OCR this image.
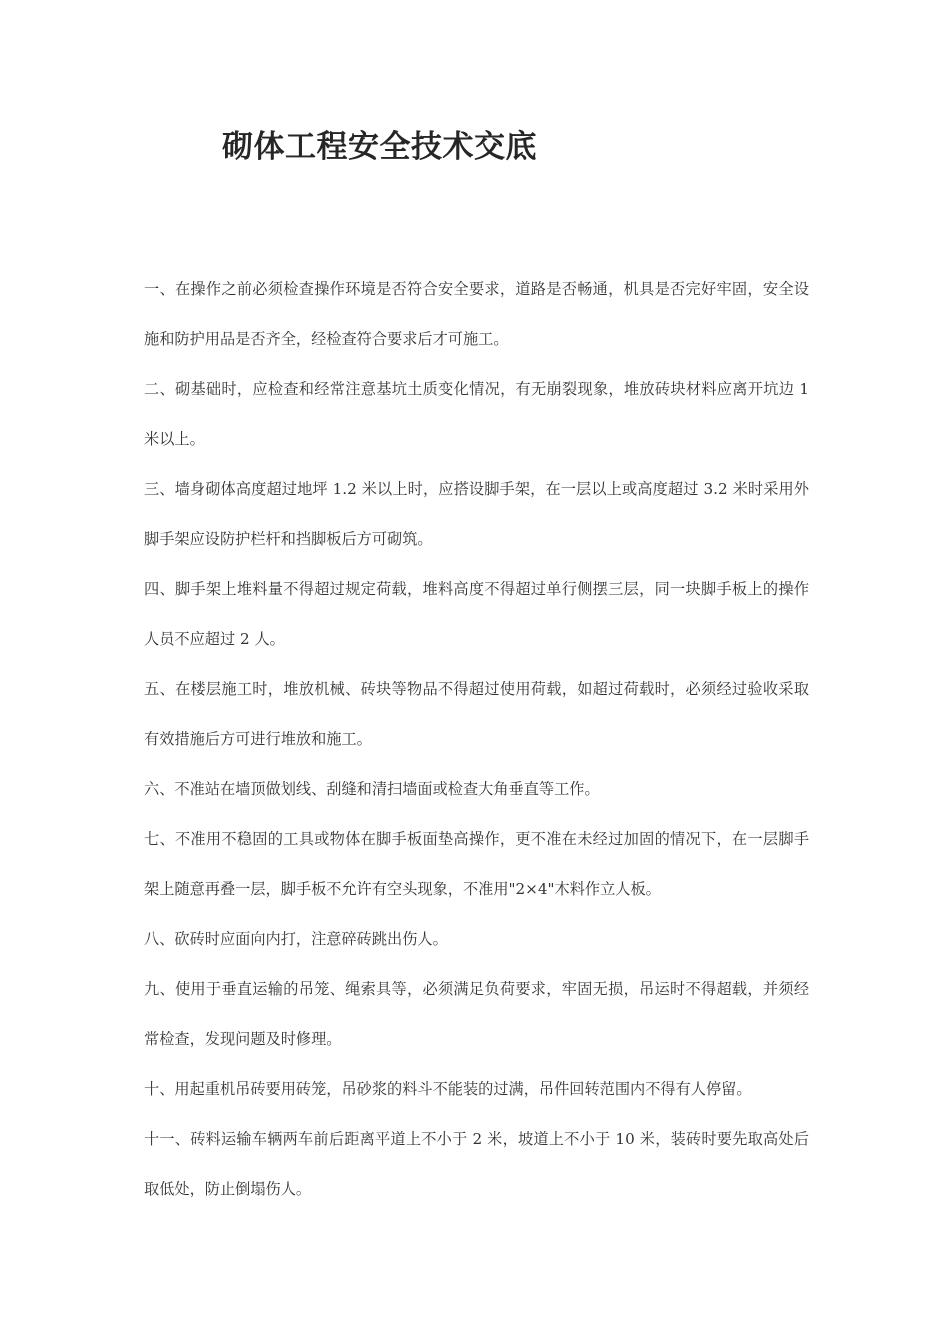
砌体工程安全技术交底

一、在操作之前必须检查操作环境是否符合安全要求，道路是否畅通，机具是否完好牢固，安全设施和防护用品是否齐全，经检查符合要求后才可施工。

二、砌基础时，应检查和经常注意基坑土质变化情况，有无崩裂现象，堆放砖块材料应离开坑边 1 米以上。

三、墙身砌体高度超过地坪 1.2 米以上时，应搭设脚手架，在一层以上或高度超过 3.2 米时采用外脚手架应设防护栏杆和挡脚板后方可砌筑。

四、脚手架上堆料量不得超过规定荷载，堆料高度不得超过单行侧摆三层，同一块脚手板上的操作人员不应超过 2 人。

五、在楼层施工时，堆放机械、砖块等物品不得超过使用荷载，如超过荷载时，必须经过验收采取有效措施后方可进行堆放和施工。

六、不准站在墙顶做划线、刮缝和清扫墙面或检查大角垂直等工作。

七、不准用不稳固的工具或物体在脚手板面垫高操作，更不准在未经过加固的情况下，在一层脚手架上随意再叠一层，脚手板不允许有空头现象，不准用"2×4"木料作立人板。

八、砍砖时应面向内打，注意碎砖跳出伤人。

九、使用于垂直运输的吊笼、绳索具等，必须满足负荷要求，牢固无损，吊运时不得超载，并须经常检查，发现问题及时修理。

十、用起重机吊砖要用砖笼，吊砂浆的料斗不能装的过满，吊件回转范围内不得有人停留。

十一、砖料运输车辆两车前后距离平道上不小于 2 米，坡道上不小于 10 米，装砖时要先取高处后取低处，防止倒塌伤人。
